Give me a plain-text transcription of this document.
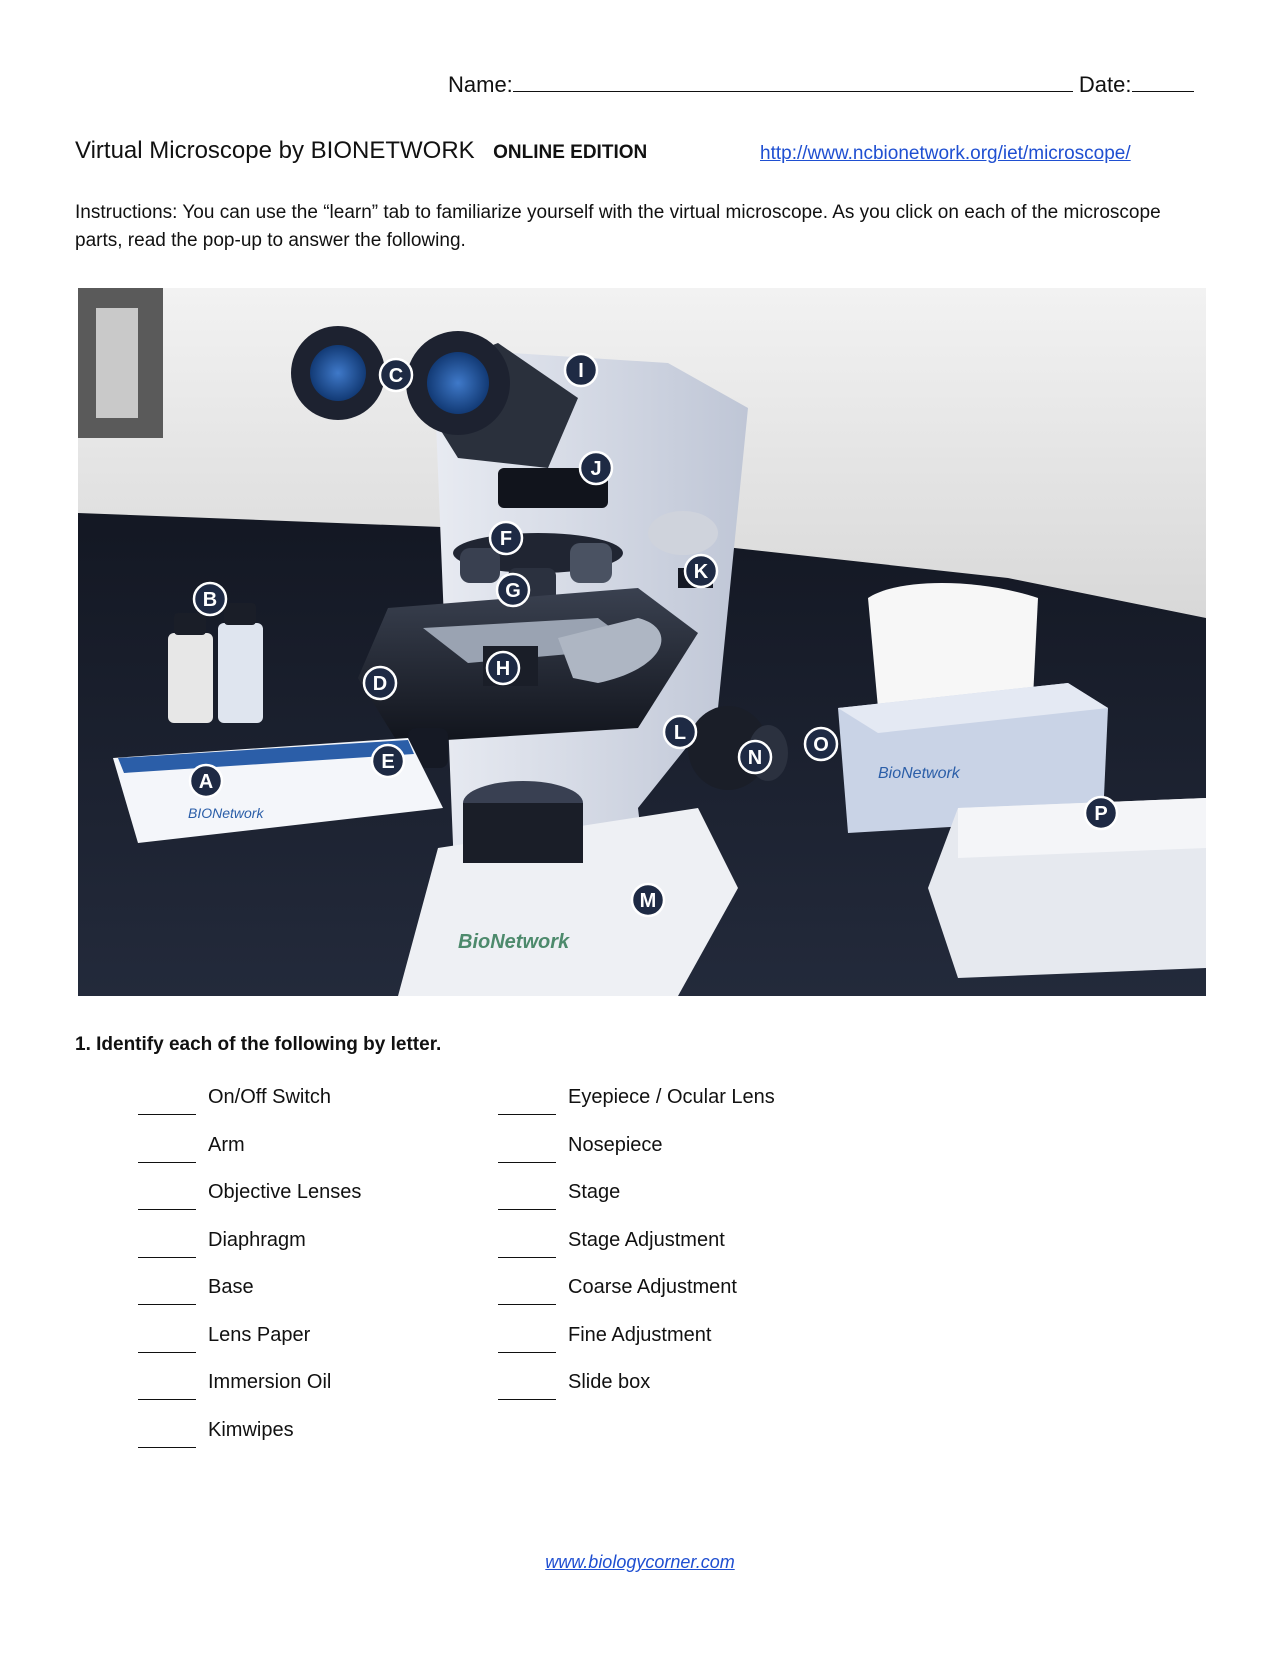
Name:	Date:
Virtual Microscope by BIONETWORK ONLINE EDITION	http://www.ncbionetwork.org/iet/microscope/
Instructions: You can use the “learn” tab to familiarize yourself with the virtual microscope. As you click on each of the microscope parts, read the pop-up to answer the following.
BioNetwork
BIONetwork
BioNetwork
A
B
C
D
E
F
G
H
I
J
K
L
M
N
O
P
1. Identify each of the following by letter.
On/Off Switch
Arm
Objective Lenses
Diaphragm
Base
Lens Paper
Immersion Oil
Kimwipes
Eyepiece / Ocular Lens
Nosepiece
Stage
Stage Adjustment
Coarse Adjustment
Fine Adjustment
Slide box
www.biologycorner.com
